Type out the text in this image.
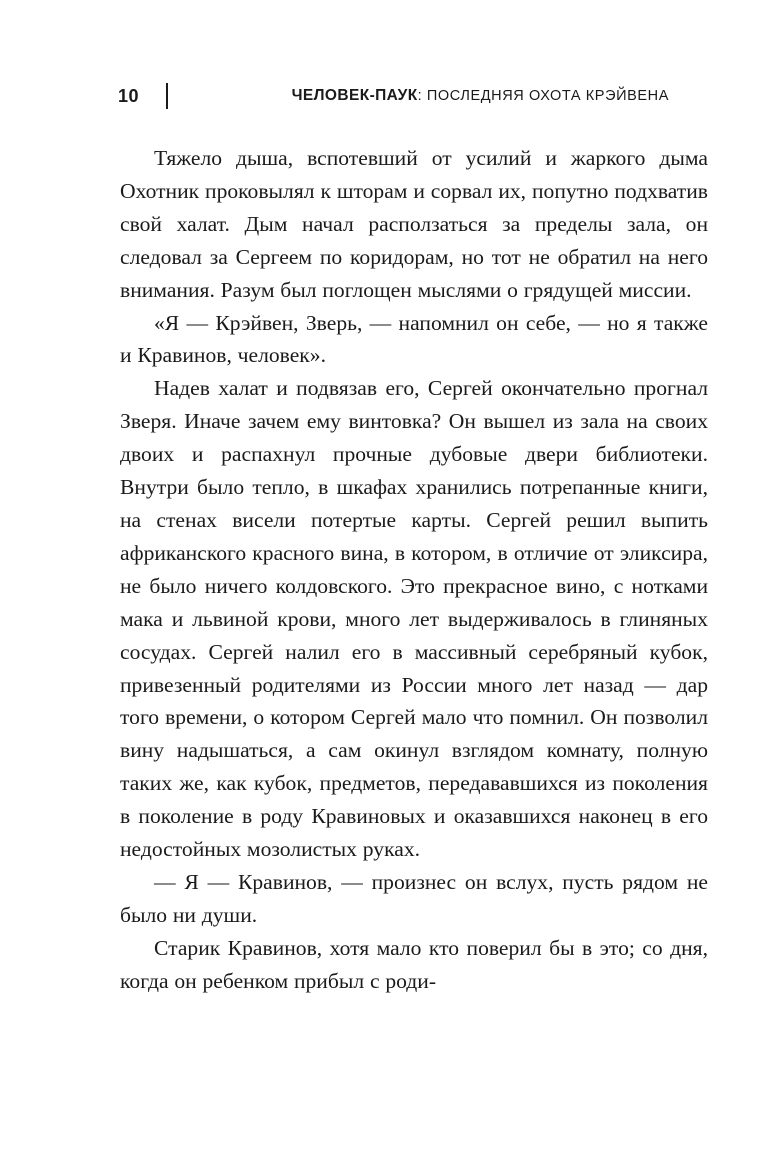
10	ЧЕЛОВЕК-ПАУК: ПОСЛЕДНЯЯ ОХОТА КРЭЙВЕНА

Тяжело дыша, вспотевший от усилий и жаркого дыма Охотник проковылял к шторам и сорвал их, попутно подхватив свой халат. Дым начал расползаться за пределы зала, он следовал за Сергеем по коридорам, но тот не обратил на него внимания. Разум был поглощен мыслями о грядущей миссии.

«Я — Крэйвен, Зверь, — напомнил он себе, — но я также и Кравинов, человек».

Надев халат и подвязав его, Сергей окончательно прогнал Зверя. Иначе зачем ему винтовка? Он вышел из зала на своих двоих и распахнул прочные дубовые двери библиотеки. Внутри было тепло, в шкафах хранились потрепанные книги, на стенах висели потертые карты. Сергей решил выпить африканского красного вина, в котором, в отличие от эликсира, не было ничего колдовского. Это прекрасное вино, с нотками мака и львиной крови, много лет выдерживалось в глиняных сосудах. Сергей налил его в массивный серебряный кубок, привезенный родителями из России много лет назад — дар того времени, о котором Сергей мало что помнил. Он позволил вину надышаться, а сам окинул взглядом комнату, полную таких же, как кубок, предметов, передававшихся из поколения в поколение в роду Кравиновых и оказавшихся наконец в его недостойных мозолистых руках.

— Я — Кравинов, — произнес он вслух, пусть рядом не было ни души.

Старик Кравинов, хотя мало кто поверил бы в это; со дня, когда он ребенком прибыл с роди-
